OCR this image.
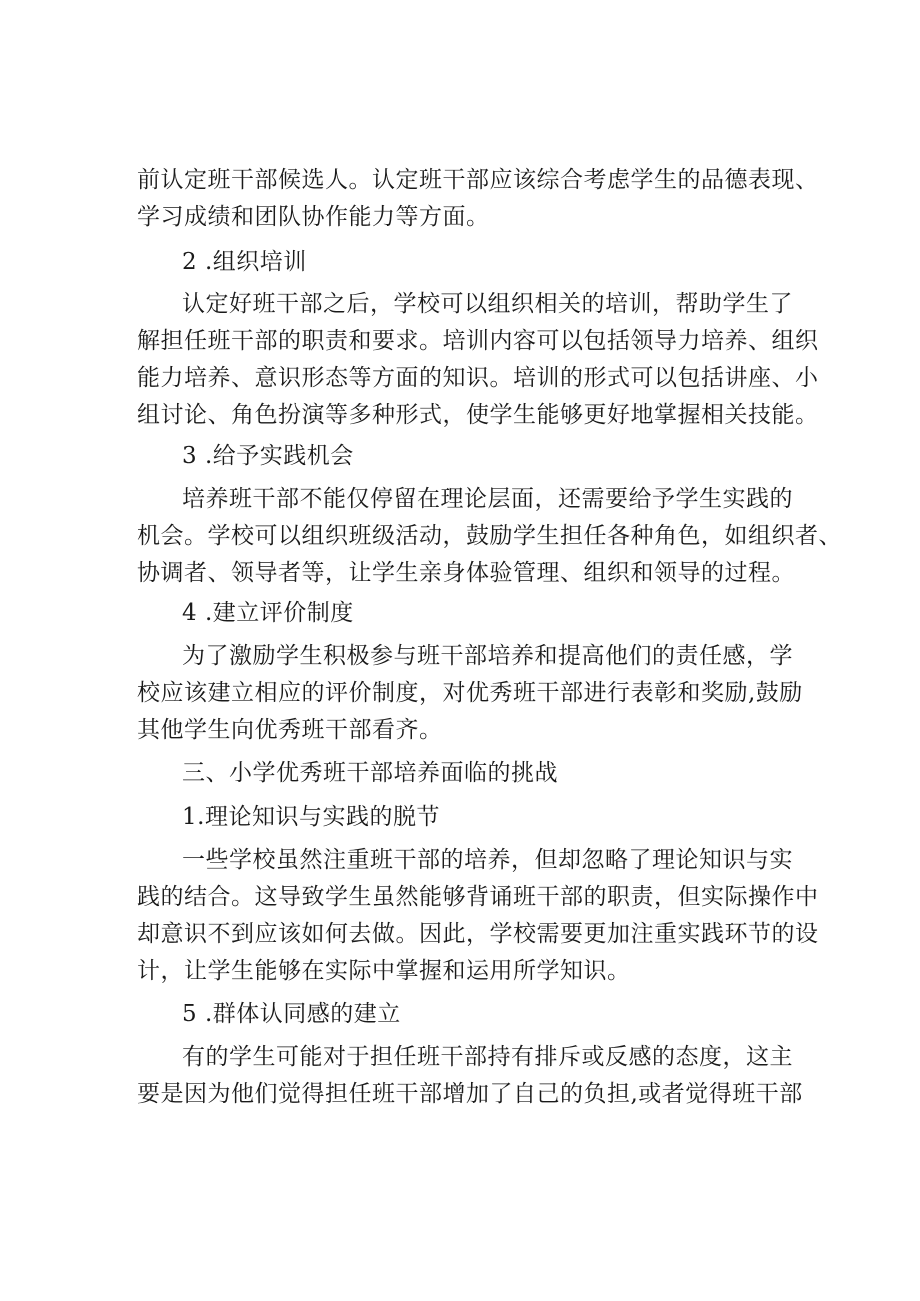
前认定班干部候选人。认定班干部应该综合考虑学生的品德表现、
学习成绩和团队协作能力等方面。
2 .组织培训
认定好班干部之后，学校可以组织相关的培训，帮助学生了
解担任班干部的职责和要求。培训内容可以包括领导力培养、组织
能力培养、意识形态等方面的知识。培训的形式可以包括讲座、小
组讨论、角色扮演等多种形式，使学生能够更好地掌握相关技能。
3 .给予实践机会
培养班干部不能仅停留在理论层面，还需要给予学生实践的
机会。学校可以组织班级活动，鼓励学生担任各种角色，如组织者、
协调者、领导者等，让学生亲身体验管理、组织和领导的过程。
4 .建立评价制度
为了激励学生积极参与班干部培养和提高他们的责任感，学
校应该建立相应的评价制度，对优秀班干部进行表彰和奖励,鼓励
其他学生向优秀班干部看齐。
三、小学优秀班干部培养面临的挑战
1.理论知识与实践的脱节
一些学校虽然注重班干部的培养，但却忽略了理论知识与实
践的结合。这导致学生虽然能够背诵班干部的职责，但实际操作中
却意识不到应该如何去做。因此，学校需要更加注重实践环节的设
计，让学生能够在实际中掌握和运用所学知识。
5 .群体认同感的建立
有的学生可能对于担任班干部持有排斥或反感的态度，这主
要是因为他们觉得担任班干部增加了自己的负担,或者觉得班干部
